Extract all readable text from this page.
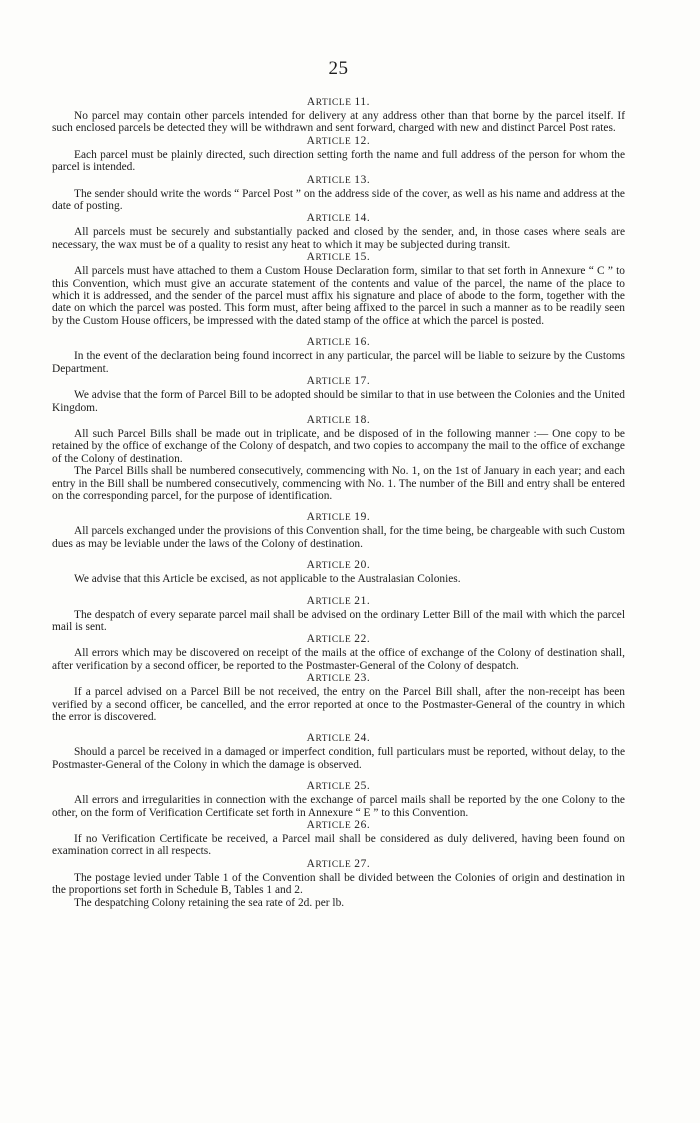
25
ARTICLE 11.

No parcel may contain other parcels intended for delivery at any address other than that borne by the parcel itself. If such enclosed parcels be detected they will be withdrawn and sent forward, charged with new and distinct Parcel Post rates.

ARTICLE 12.

Each parcel must be plainly directed, such direction setting forth the name and full address of the person for whom the parcel is intended.

ARTICLE 13.

The sender should write the words “ Parcel Post ” on the address side of the cover, as well as his name and address at the date of posting.

ARTICLE 14.

All parcels must be securely and substantially packed and closed by the sender, and, in those cases where seals are necessary, the wax must be of a quality to resist any heat to which it may be subjected during transit.

ARTICLE 15.

All parcels must have attached to them a Custom House Declaration form, similar to that set forth in Annexure “ C ” to this Convention, which must give an accurate statement of the contents and value of the parcel, the name of the place to which it is addressed, and the sender of the parcel must affix his signature and place of abode to the form, together with the date on which the parcel was posted. This form must, after being affixed to the parcel in such a manner as to be readily seen by the Custom House officers, be impressed with the dated stamp of the office at which the parcel is posted.

ARTICLE 16.

In the event of the declaration being found incorrect in any particular, the parcel will be liable to seizure by the Customs Department.

ARTICLE 17.

We advise that the form of Parcel Bill to be adopted should be similar to that in use between the Colonies and the United Kingdom.

ARTICLE 18.

All such Parcel Bills shall be made out in triplicate, and be disposed of in the following manner :— One copy to be retained by the office of exchange of the Colony of despatch, and two copies to accompany the mail to the office of exchange of the Colony of destination.

The Parcel Bills shall be numbered consecutively, commencing with No. 1, on the 1st of January in each year; and each entry in the Bill shall be numbered consecutively, commencing with No. 1. The number of the Bill and entry shall be entered on the corresponding parcel, for the purpose of identification.

ARTICLE 19.

All parcels exchanged under the provisions of this Convention shall, for the time being, be chargeable with such Custom dues as may be leviable under the laws of the Colony of destination.

ARTICLE 20.

We advise that this Article be excised, as not applicable to the Australasian Colonies.

ARTICLE 21.

The despatch of every separate parcel mail shall be advised on the ordinary Letter Bill of the mail with which the parcel mail is sent.

ARTICLE 22.

All errors which may be discovered on receipt of the mails at the office of exchange of the Colony of destination shall, after verification by a second officer, be reported to the Postmaster-General of the Colony of despatch.

ARTICLE 23.

If a parcel advised on a Parcel Bill be not received, the entry on the Parcel Bill shall, after the non-receipt has been verified by a second officer, be cancelled, and the error reported at once to the Postmaster-General of the country in which the error is discovered.

ARTICLE 24.

Should a parcel be received in a damaged or imperfect condition, full particulars must be reported, without delay, to the Postmaster-General of the Colony in which the damage is observed.

ARTICLE 25.

All errors and irregularities in connection with the exchange of parcel mails shall be reported by the one Colony to the other, on the form of Verification Certificate set forth in Annexure “ E ” to this Convention.

ARTICLE 26.

If no Verification Certificate be received, a Parcel mail shall be considered as duly delivered, having been found on examination correct in all respects.

ARTICLE 27.

The postage levied under Table 1 of the Convention shall be divided between the Colonies of origin and destination in the proportions set forth in Schedule B, Tables 1 and 2.

The despatching Colony retaining the sea rate of 2d. per lb.
